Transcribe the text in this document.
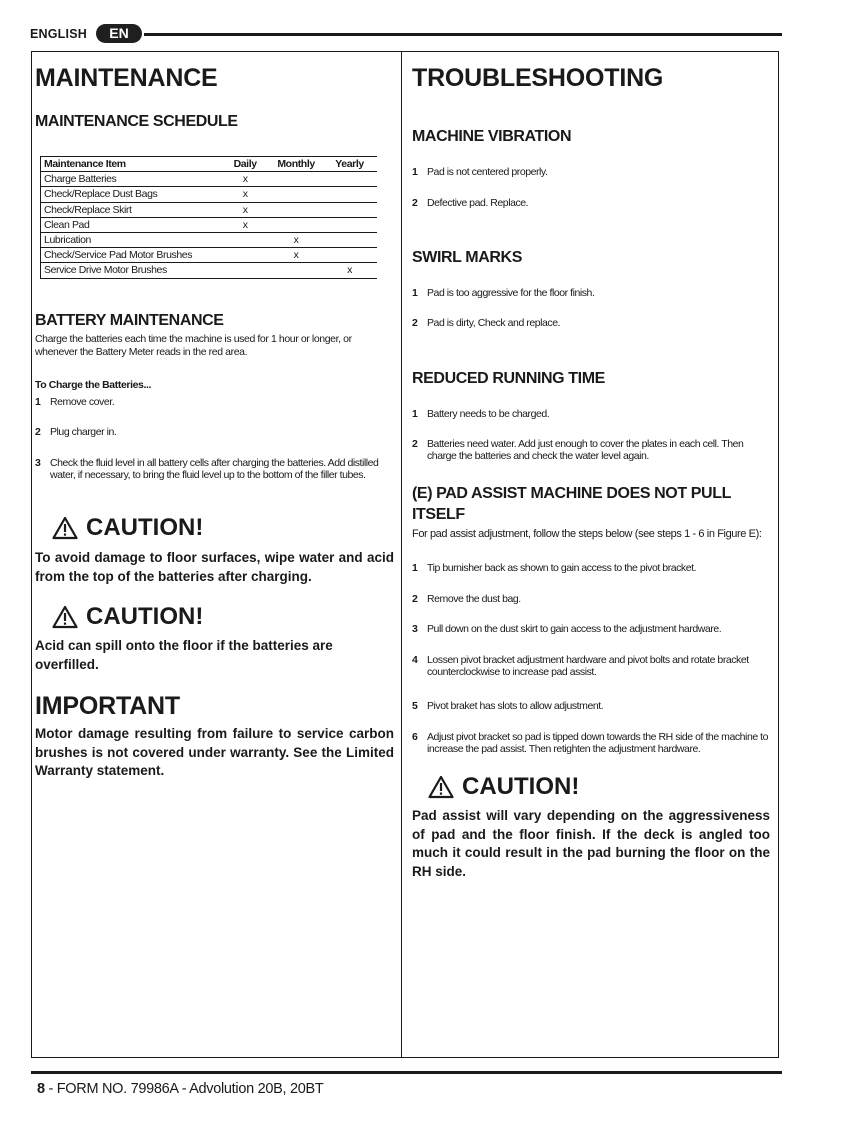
ENGLISH	EN
MAINTENANCE
MAINTENANCE SCHEDULE
Maintenance Item	Daily	Monthly	Yearly
Charge Batteries	x		
Check/Replace Dust Bags	x		
Check/Replace Skirt	x		
Clean Pad	x		
Lubrication		x	
Check/Service Pad Motor Brushes		x	
Service Drive Motor Brushes			x
BATTERY MAINTENANCE
Charge the batteries each time the machine is used for 1 hour or longer, or whenever the Battery Meter reads in the red area.
To Charge the Batteries...
1 Remove cover.
2 Plug charger in.
3 Check the fluid level in all battery cells after charging the batteries. Add distilled water, if necessary, to bring the fluid level up to the bottom of the filler tubes.
CAUTION!
To avoid damage to floor surfaces, wipe water and acid from the top of the batteries after charging.
CAUTION!
Acid can spill onto the floor if the batteries are overfilled.
IMPORTANT
Motor damage resulting from failure to service carbon brushes is not covered under warranty. See the Limited Warranty statement.
TROUBLESHOOTING
MACHINE VIBRATION
1 Pad is not centered properly.
2 Defective pad. Replace.
SWIRL MARKS
1 Pad is too aggressive for the floor finish.
2 Pad is dirty, Check and replace.
REDUCED RUNNING TIME
1 Battery needs to be charged.
2 Batteries need water. Add just enough to cover the plates in each cell. Then charge the batteries and check the water level again.
(E) PAD ASSIST MACHINE DOES NOT PULL
ITSELF
For pad assist adjustment, follow the steps below (see steps 1 - 6 in Figure E):
1 Tip burnisher back as shown to gain access to the pivot bracket.
2 Remove the dust bag.
3 Pull down on the dust skirt to gain access to the adjustment hardware.
4 Lossen pivot bracket adjustment hardware and pivot bolts and rotate bracket counterclockwise to increase pad assist.
5 Pivot braket has slots to allow adjustment.
6 Adjust pivot bracket so pad is tipped down towards the RH side of the machine to increase the pad assist. Then retighten the adjustment hardware.
CAUTION!
Pad assist will vary depending on the aggressiveness of pad and the floor finish. If the deck is angled too much it could result in the pad burning the floor on the RH side.
8 - FORM NO. 79986A - Advolution 20B, 20BT
